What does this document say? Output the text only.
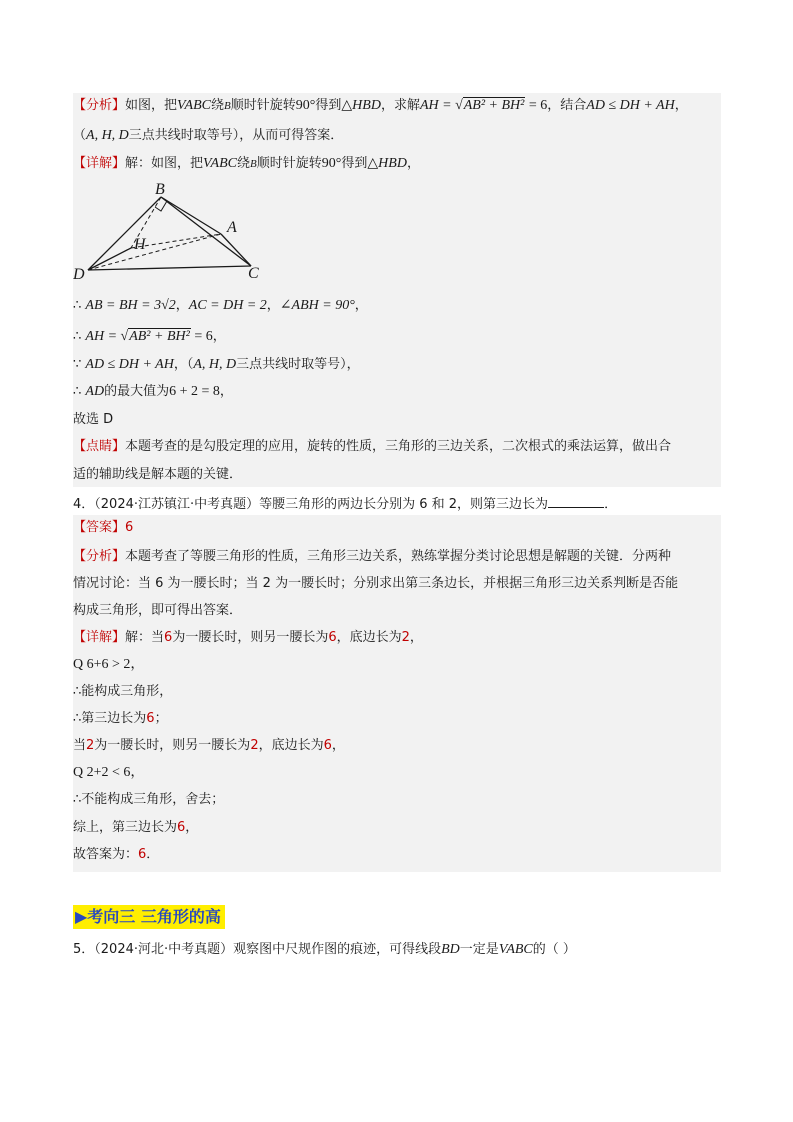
【分析】如图，把VABC绕B顺时针旋转90°得到△HBD，求解AH = √AB² + BH² = 6，结合AD ≤ DH + AH，
（A, H, D三点共线时取等号），从而可得答案．
【详解】解：如图，把VABC绕B顺时针旋转90°得到△HBD，
B
A
H
D	C
∴ AB = BH = 3√2，AC = DH = 2，∠ABH = 90°，
∴ AH = √AB² + BH² = 6，
∵ AD ≤ DH + AH，（A, H, D三点共线时取等号），
∴ AD的最大值为6 + 2 = 8，
故选 D
【点睛】本题考查的是勾股定理的应用，旋转的性质，三角形的三边关系，二次根式的乘法运算，做出合
适的辅助线是解本题的关键．
4．（2024·江苏镇江·中考真题）等腰三角形的两边长分别为 6 和 2，则第三边长为	．
【答案】6
【分析】本题考查了等腰三角形的性质，三角形三边关系，熟练掌握分类讨论思想是解题的关键．分两种
情况讨论：当 6 为一腰长时；当 2 为一腰长时；分别求出第三条边长，并根据三角形三边关系判断是否能
构成三角形，即可得出答案．
【详解】解：当6为一腰长时，则另一腰长为6，底边长为2，
Q 6+6 > 2，
∴能构成三角形，
∴第三边长为6；
当2为一腰长时，则另一腰长为2，底边长为6，
Q 2+2 < 6，
∴不能构成三角形，舍去；
综上，第三边长为6，
故答案为：6．
▶考向三 三角形的高
5．（2024·河北·中考真题）观察图中尺规作图的痕迹，可得线段BD一定是VABC的（ ）
